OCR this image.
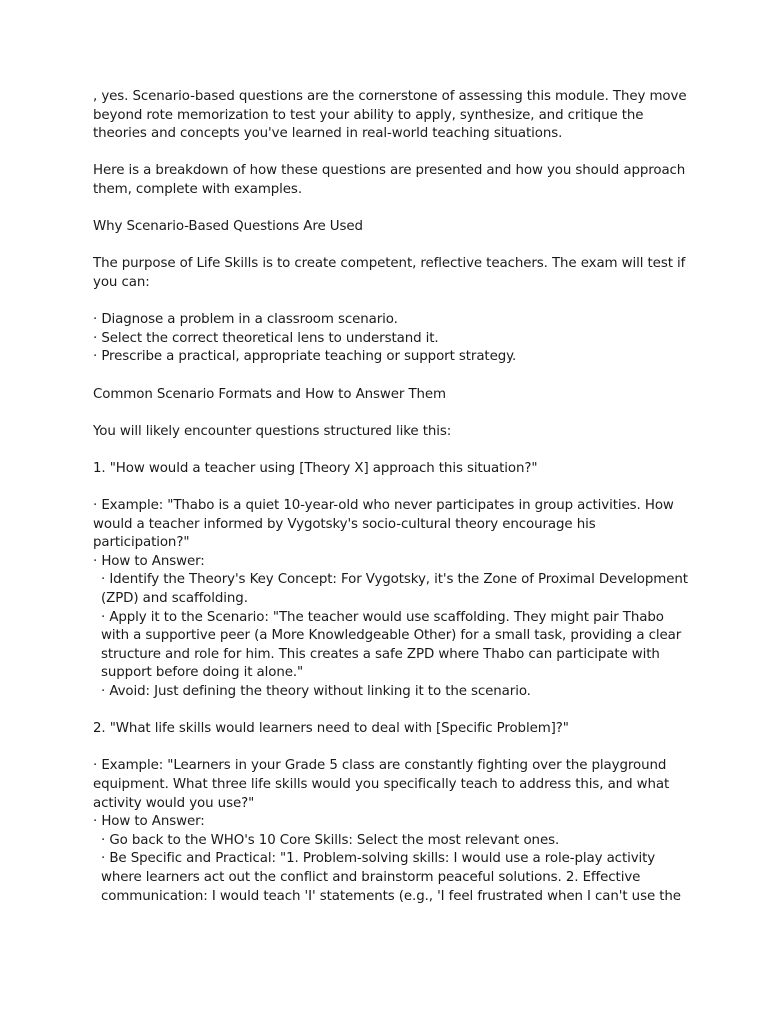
, yes. Scenario-based questions are the cornerstone of assessing this module. They move beyond rote memorization to test your ability to apply, synthesize, and critique the theories and concepts you've learned in real-world teaching situations.

Here is a breakdown of how these questions are presented and how you should approach them, complete with examples.

Why Scenario-Based Questions Are Used

The purpose of Life Skills is to create competent, reflective teachers. The exam will test if you can:

· Diagnose a problem in a classroom scenario.

· Select the correct theoretical lens to understand it.

· Prescribe a practical, appropriate teaching or support strategy.

Common Scenario Formats and How to Answer Them

You will likely encounter questions structured like this:

1. "How would a teacher using [Theory X] approach this situation?"

· Example: "Thabo is a quiet 10-year-old who never participates in group activities. How would a teacher informed by Vygotsky's socio-cultural theory encourage his participation?"

· How to Answer:

· Identify the Theory's Key Concept: For Vygotsky, it's the Zone of Proximal Development (ZPD) and scaffolding.

· Apply it to the Scenario: "The teacher would use scaffolding. They might pair Thabo with a supportive peer (a More Knowledgeable Other) for a small task, providing a clear structure and role for him. This creates a safe ZPD where Thabo can participate with support before doing it alone."

· Avoid: Just defining the theory without linking it to the scenario.

2. "What life skills would learners need to deal with [Specific Problem]?"

· Example: "Learners in your Grade 5 class are constantly fighting over the playground equipment. What three life skills would you specifically teach to address this, and what activity would you use?"

· How to Answer:

· Go back to the WHO's 10 Core Skills: Select the most relevant ones.

· Be Specific and Practical: "1. Problem-solving skills: I would use a role-play activity where learners act out the conflict and brainstorm peaceful solutions. 2. Effective communication: I would teach 'I' statements (e.g., 'I feel frustrated when I can't use the
